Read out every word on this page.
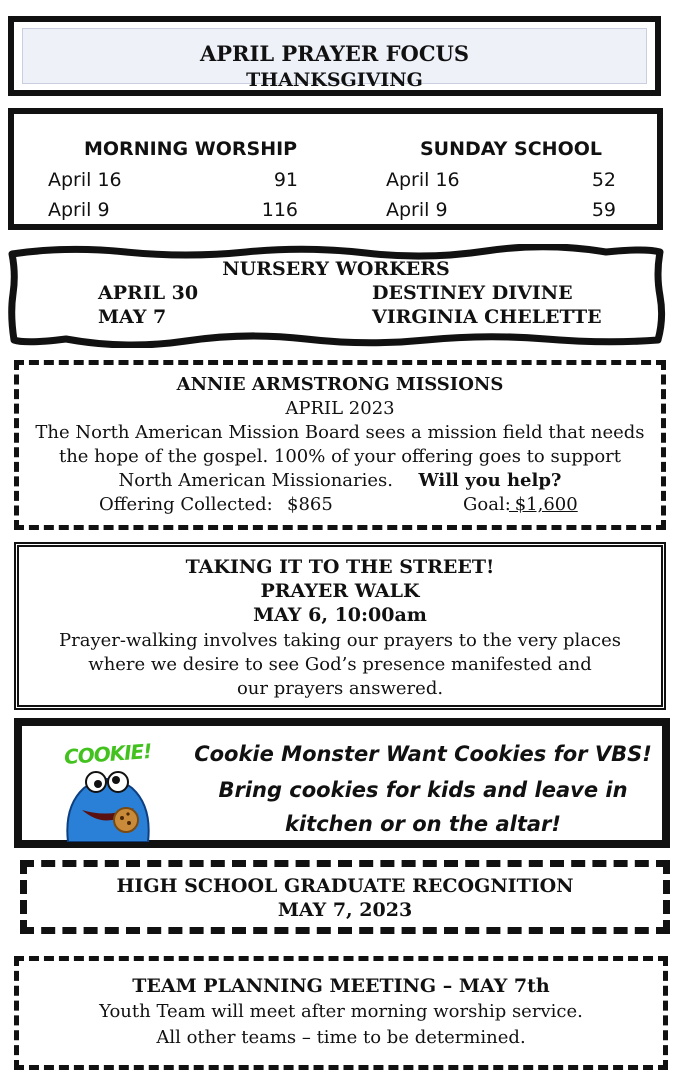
APRIL PRAYER FOCUS
THANKSGIVING
MORNING WORSHIP	SUNDAY SCHOOL
April 16	91
April 9	116
April 16	52
April 9	59
NURSERY WORKERS
APRIL 30	DESTINEY DIVINE
MAY 7	VIRGINIA CHELETTE
ANNIE ARMSTRONG MISSIONS
APRIL 2023
The North American Mission Board sees a mission field that needs
the hope of the gospel. 100% of your offering goes to support
North American Missionaries. Will you help?
Offering Collected: $865	Goal:
$1,600
TAKING IT TO THE STREET!
PRAYER WALK
MAY 6, 10:00am
Prayer-walking involves taking our prayers to the very places
where we desire to see God’s presence manifested and
our prayers answered.
COOKIE! Cookie Monster Want Cookies for VBS!
Bring cookies for kids and leave in
kitchen or on the altar!
HIGH SCHOOL GRADUATE RECOGNITION
MAY 7, 2023
TEAM PLANNING MEETING – MAY 7th
Youth Team will meet after morning worship service.
All other teams – time to be determined.
